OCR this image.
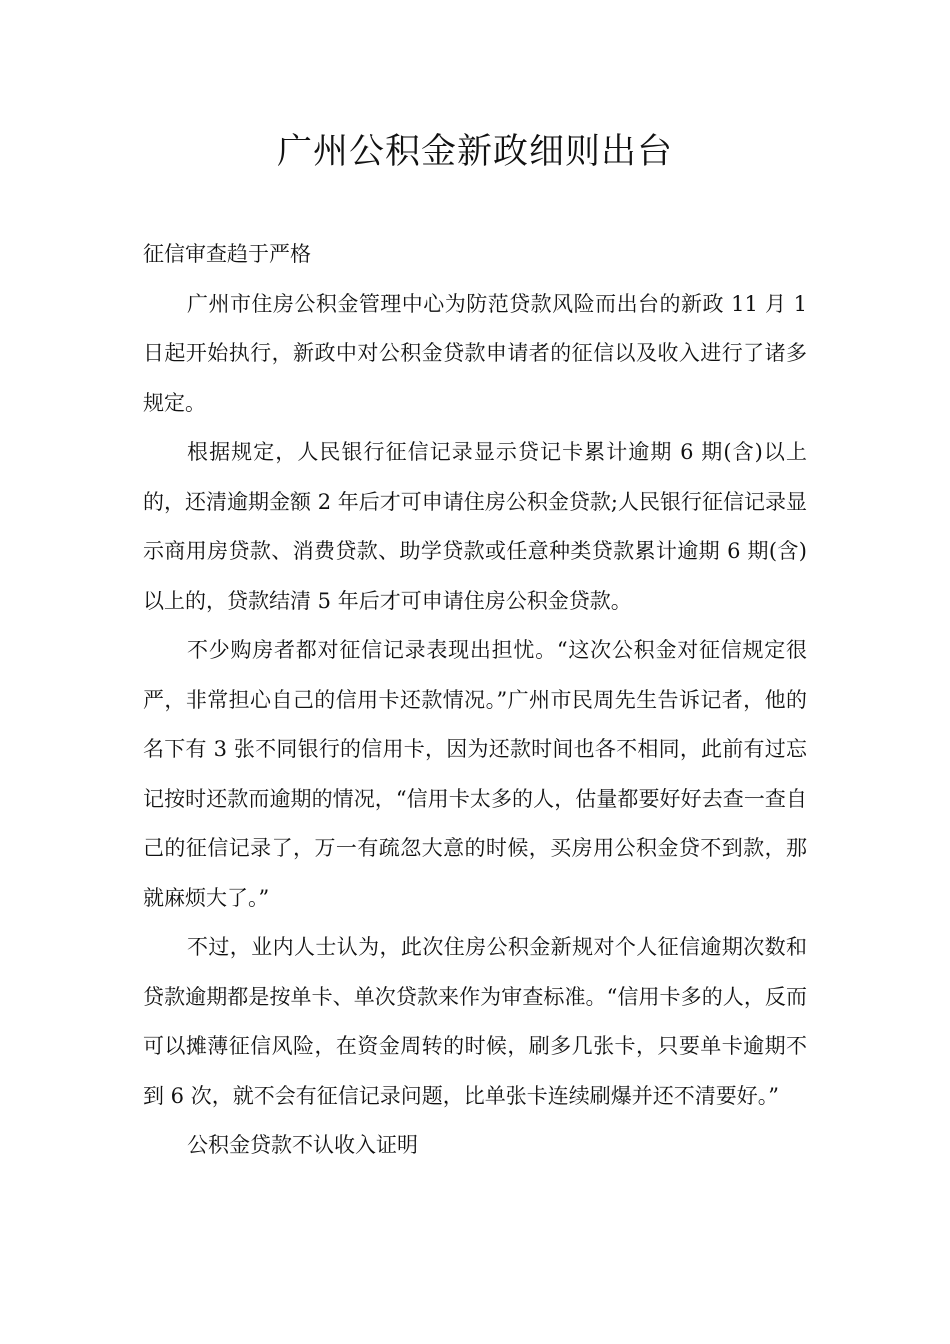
广州公积金新政细则出台

征信审查趋于严格

广州市住房公积金管理中心为防范贷款风险而出台的新政 11 月 1 日起开始执行，新政中对公积金贷款申请者的征信以及收入进行了诸多规定。

根据规定，人民银行征信记录显示贷记卡累计逾期 6 期(含)以上的，还清逾期金额 2 年后才可申请住房公积金贷款;人民银行征信记录显示商用房贷款、消费贷款、助学贷款或任意种类贷款累计逾期 6 期(含)以上的，贷款结清 5 年后才可申请住房公积金贷款。

不少购房者都对征信记录表现出担忧。“这次公积金对征信规定很严，非常担心自己的信用卡还款情况。”广州市民周先生告诉记者，他的名下有 3 张不同银行的信用卡，因为还款时间也各不相同，此前有过忘记按时还款而逾期的情况，“信用卡太多的人，估量都要好好去查一查自己的征信记录了，万一有疏忽大意的时候，买房用公积金贷不到款，那就麻烦大了。”

不过，业内人士认为，此次住房公积金新规对个人征信逾期次数和贷款逾期都是按单卡、单次贷款来作为审查标准。“信用卡多的人，反而可以摊薄征信风险，在资金周转的时候，刷多几张卡，只要单卡逾期不到 6 次，就不会有征信记录问题，比单张卡连续刷爆并还不清要好。”

公积金贷款不认收入证明
